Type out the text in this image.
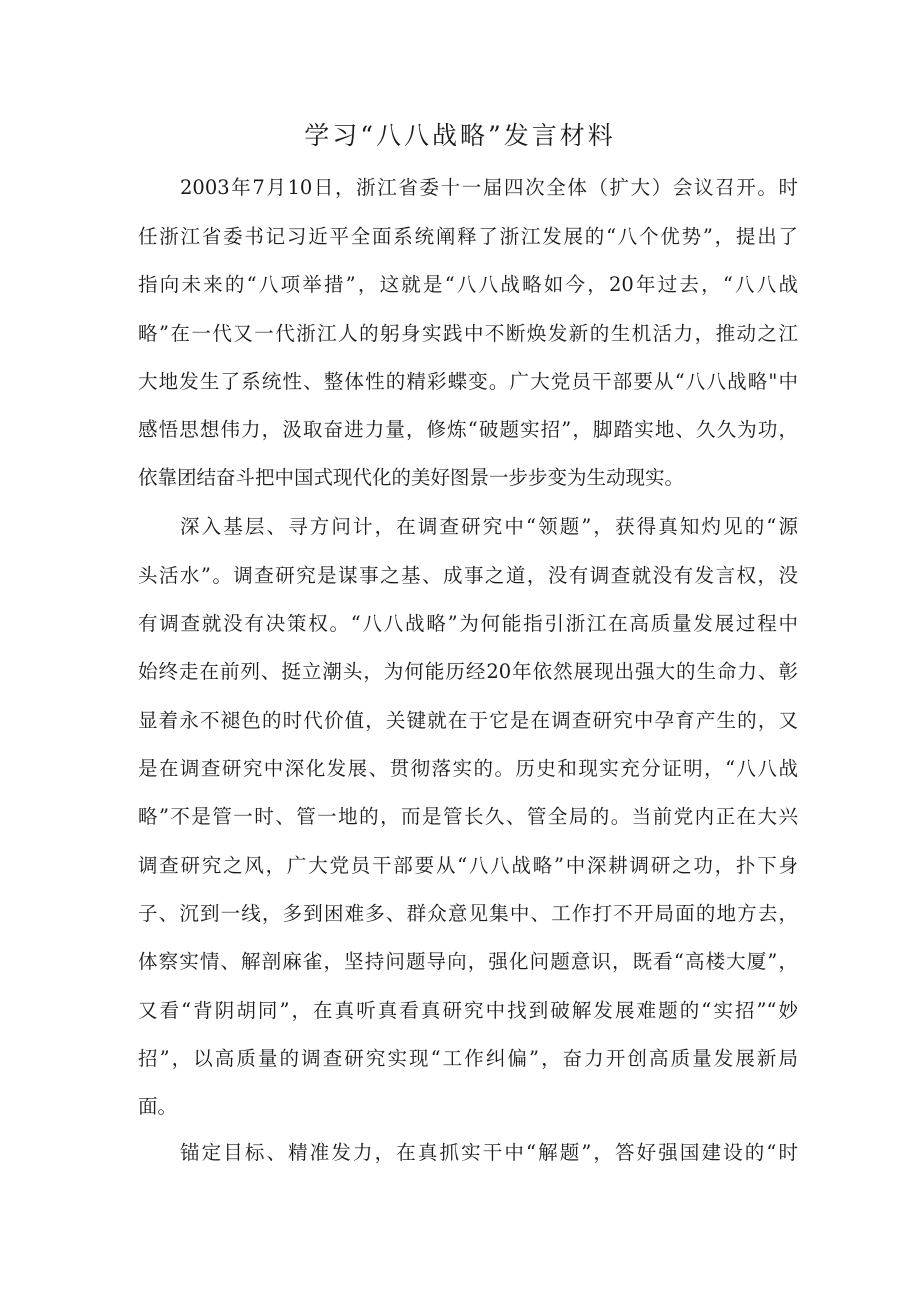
学习“八八战略”发言材料
2003年7月10日，浙江省委十一届四次全体（扩大）会议召开。时
任浙江省委书记习近平全面系统阐释了浙江发展的“八个优势”，提出了
指向未来的“八项举措”，这就是“八八战略如今，20年过去，“八八战
略”在一代又一代浙江人的躬身实践中不断焕发新的生机活力，推动之江
大地发生了系统性、整体性的精彩蝶变。广大党员干部要从“八八战略"中
感悟思想伟力，汲取奋进力量，修炼“破题实招”，脚踏实地、久久为功，
依靠团结奋斗把中国式现代化的美好图景一步步变为生动现实。
深入基层、寻方问计，在调查研究中“领题”，获得真知灼见的“源
头活水”。调查研究是谋事之基、成事之道，没有调查就没有发言权，没
有调查就没有决策权。“八八战略”为何能指引浙江在高质量发展过程中
始终走在前列、挺立潮头，为何能历经20年依然展现出强大的生命力、彰
显着永不褪色的时代价值，关键就在于它是在调查研究中孕育产生的，又
是在调查研究中深化发展、贯彻落实的。历史和现实充分证明，“八八战
略”不是管一时、管一地的，而是管长久、管全局的。当前党内正在大兴
调查研究之风，广大党员干部要从“八八战略”中深耕调研之功，扑下身
子、沉到一线，多到困难多、群众意见集中、工作打不开局面的地方去，
体察实情、解剖麻雀，坚持问题导向，强化问题意识，既看“高楼大厦”，
又看“背阴胡同”，在真听真看真研究中找到破解发展难题的“实招”“妙
招”，以高质量的调查研究实现“工作纠偏”，奋力开创高质量发展新局
面。
锚定目标、精准发力，在真抓实干中“解题”，答好强国建设的“时
